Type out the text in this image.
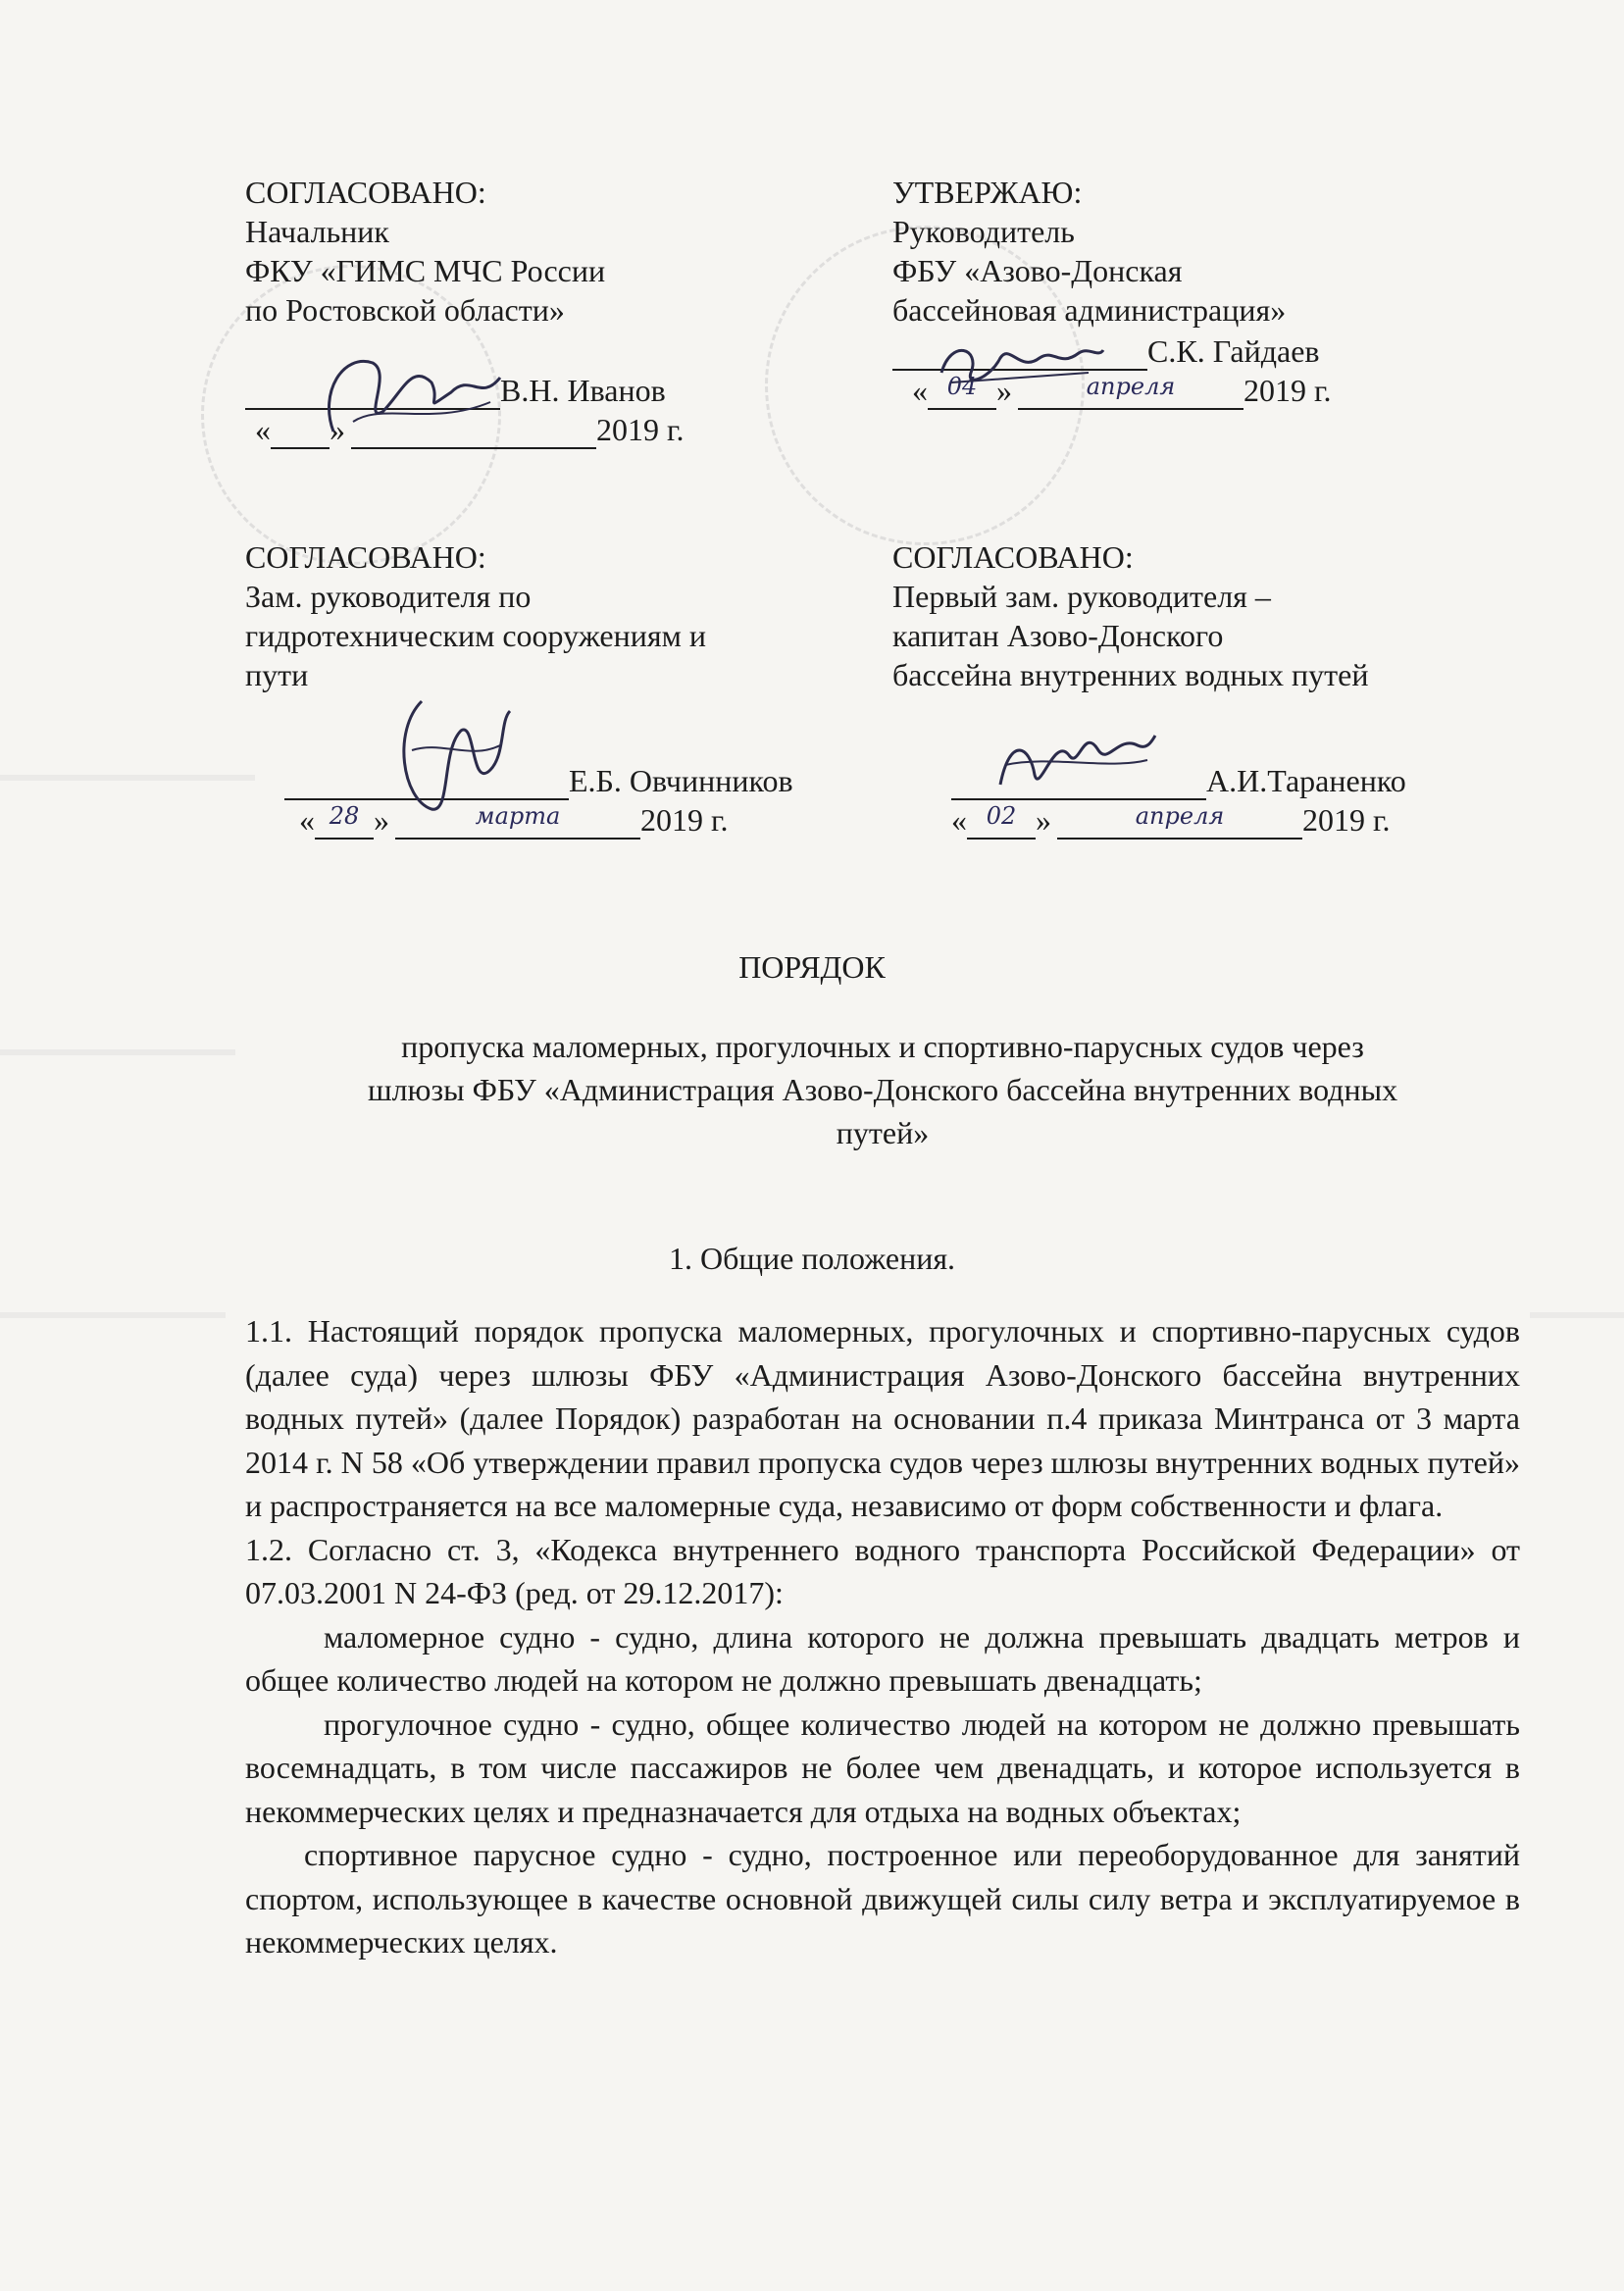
СОГЛАСОВАНО:
Начальник
ФКУ «ГИМС МЧС России
по Ростовской области»
В.Н. Иванов
« »	2019 г.
УТВЕРЖАЮ:
Руководитель
ФБУ «Азово-Донская
бассейновая администрация»
С.К. Гайдаев
« 04 »	апреля	2019 г.
СОГЛАСОВАНО:
Зам. руководителя по
гидротехническим сооружениям и
пути
Е.Б. Овчинников
« 28 »	марта	2019 г.
СОГЛАСОВАНО:
Первый зам. руководителя –
капитан Азово-Донского
бассейна внутренних водных путей
А.И.Тараненко
« 02 »	апреля	2019 г.
ПОРЯДОК
пропуска маломерных, прогулочных и спортивно-парусных судов через
шлюзы ФБУ «Администрация Азово-Донского бассейна внутренних водных
путей»
1. Общие положения.

1.1. Настоящий порядок пропуска маломерных, прогулочных и спортивно-парусных судов (далее суда) через шлюзы ФБУ «Администрация Азово-Донского бассейна внутренних водных путей» (далее Порядок) разработан на основании п.4 приказа Минтранса от 3 марта 2014 г. N 58 «Об утверждении правил пропуска судов через шлюзы внутренних водных путей» и распространяется на все маломерные суда, независимо от форм собственности и флага.

1.2. Согласно ст. 3, «Кодекса внутреннего водного транспорта Российской Федерации» от 07.03.2001 N 24-ФЗ (ред. от 29.12.2017):

маломерное судно - судно, длина которого не должна превышать двадцать метров и общее количество людей на котором не должно превышать двенадцать;

прогулочное судно - судно, общее количество людей на котором не должно превышать восемнадцать, в том числе пассажиров не более чем двенадцать, и которое используется в некоммерческих целях и предназначается для отдыха на водных объектах;

спортивное парусное судно - судно, построенное или переоборудованное для занятий спортом, использующее в качестве основной движущей силы силу ветра и эксплуатируемое в некоммерческих целях.
